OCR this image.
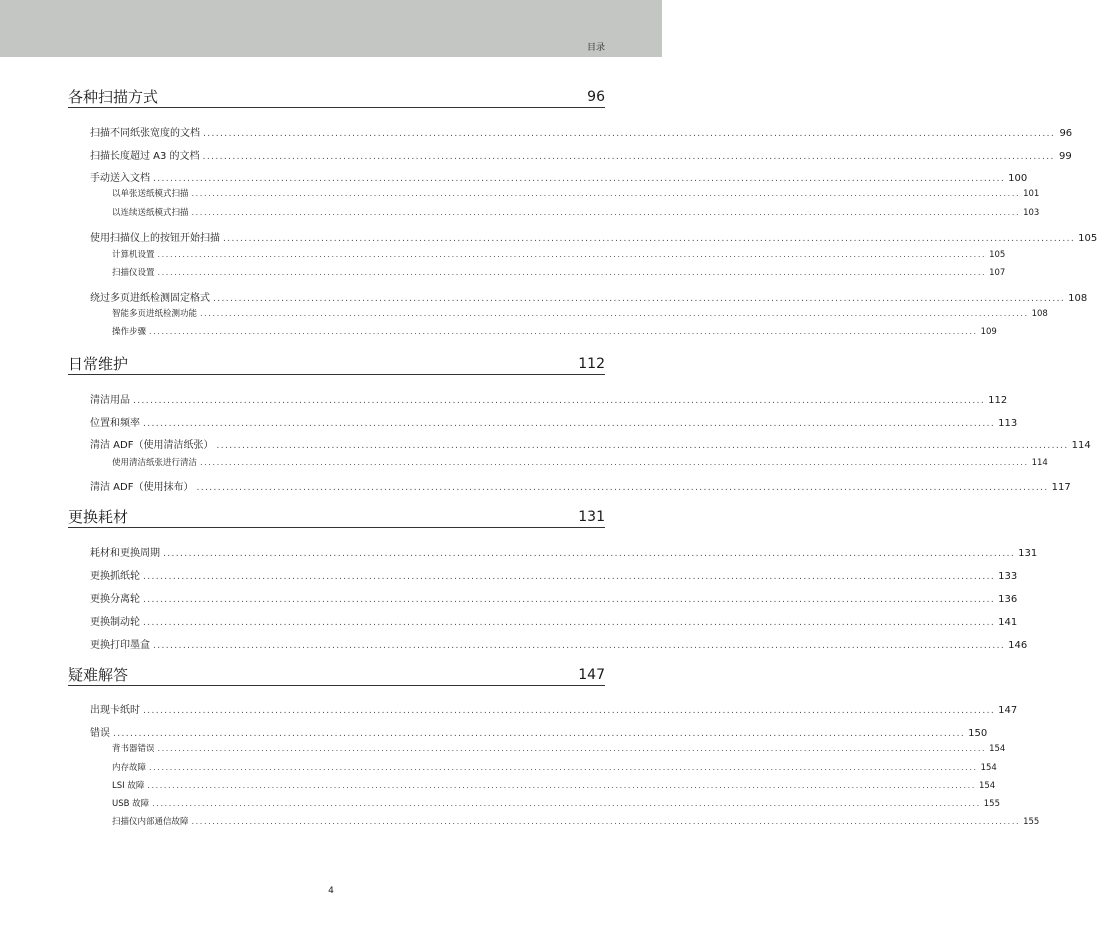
目录
各种扫描方式	96
扫描不同纸张宽度的文档 ........................................................................................................................................................................................................ 96
扫描长度超过 A3 的文档 ........................................................................................................................................................................................................ 99
手动送入文档 ........................................................................................................................................................................................................ 100
以单张送纸模式扫描 ........................................................................................................................................................................................................ 101
以连续送纸模式扫描 ........................................................................................................................................................................................................ 103
使用扫描仪上的按钮开始扫描 ........................................................................................................................................................................................................ 105
计算机设置 ........................................................................................................................................................................................................ 105
扫描仪设置 ........................................................................................................................................................................................................ 107
绕过多页进纸检测固定格式 ........................................................................................................................................................................................................ 108
智能多页进纸检测功能 ........................................................................................................................................................................................................ 108
操作步骤 ........................................................................................................................................................................................................ 109
日常维护	112
清洁用品 ........................................................................................................................................................................................................ 112
位置和频率 ........................................................................................................................................................................................................ 113
清洁 ADF（使用清洁纸张） ........................................................................................................................................................................................................ 114
使用清洁纸张进行清洁 ........................................................................................................................................................................................................ 114
清洁 ADF（使用抹布） ........................................................................................................................................................................................................ 117
更换耗材	131
耗材和更换周期 ........................................................................................................................................................................................................ 131
更换抓纸轮 ........................................................................................................................................................................................................ 133
更换分离轮 ........................................................................................................................................................................................................ 136
更换制动轮 ........................................................................................................................................................................................................ 141
更换打印墨盒 ........................................................................................................................................................................................................ 146
疑难解答	147
出现卡纸时 ........................................................................................................................................................................................................ 147
错误 ........................................................................................................................................................................................................ 150
背书器错误 ........................................................................................................................................................................................................ 154
内存故障 ........................................................................................................................................................................................................ 154
LSI 故障 ........................................................................................................................................................................................................ 154
USB 故障 ........................................................................................................................................................................................................ 155
扫描仪内部通信故障 ........................................................................................................................................................................................................ 155
4
